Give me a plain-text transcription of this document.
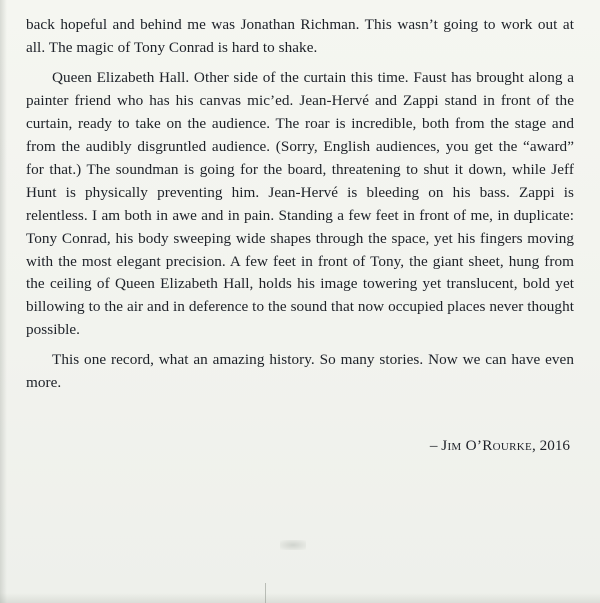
back hopeful and behind me was Jonathan Richman. This wasn’t going to work out at all. The magic of Tony Conrad is hard to shake.

Queen Elizabeth Hall. Other side of the curtain this time. Faust has brought along a painter friend who has his canvas mic’ed. Jean-Hervé and Zappi stand in front of the curtain, ready to take on the audience. The roar is incredible, both from the stage and from the audibly disgruntled audience. (Sorry, English audiences, you get the “award” for that.) The soundman is going for the board, threatening to shut it down, while Jeff Hunt is physically preventing him. Jean-Hervé is bleeding on his bass. Zappi is relentless. I am both in awe and in pain. Standing a few feet in front of me, in duplicate: Tony Conrad, his body sweeping wide shapes through the space, yet his fingers moving with the most elegant precision. A few feet in front of Tony, the giant sheet, hung from the ceiling of Queen Elizabeth Hall, holds his image towering yet translucent, bold yet billowing to the air and in deference to the sound that now occupied places never thought possible.

This one record, what an amazing history. So many stories. Now we can have even more.

– Jim O’Rourke, 2016
